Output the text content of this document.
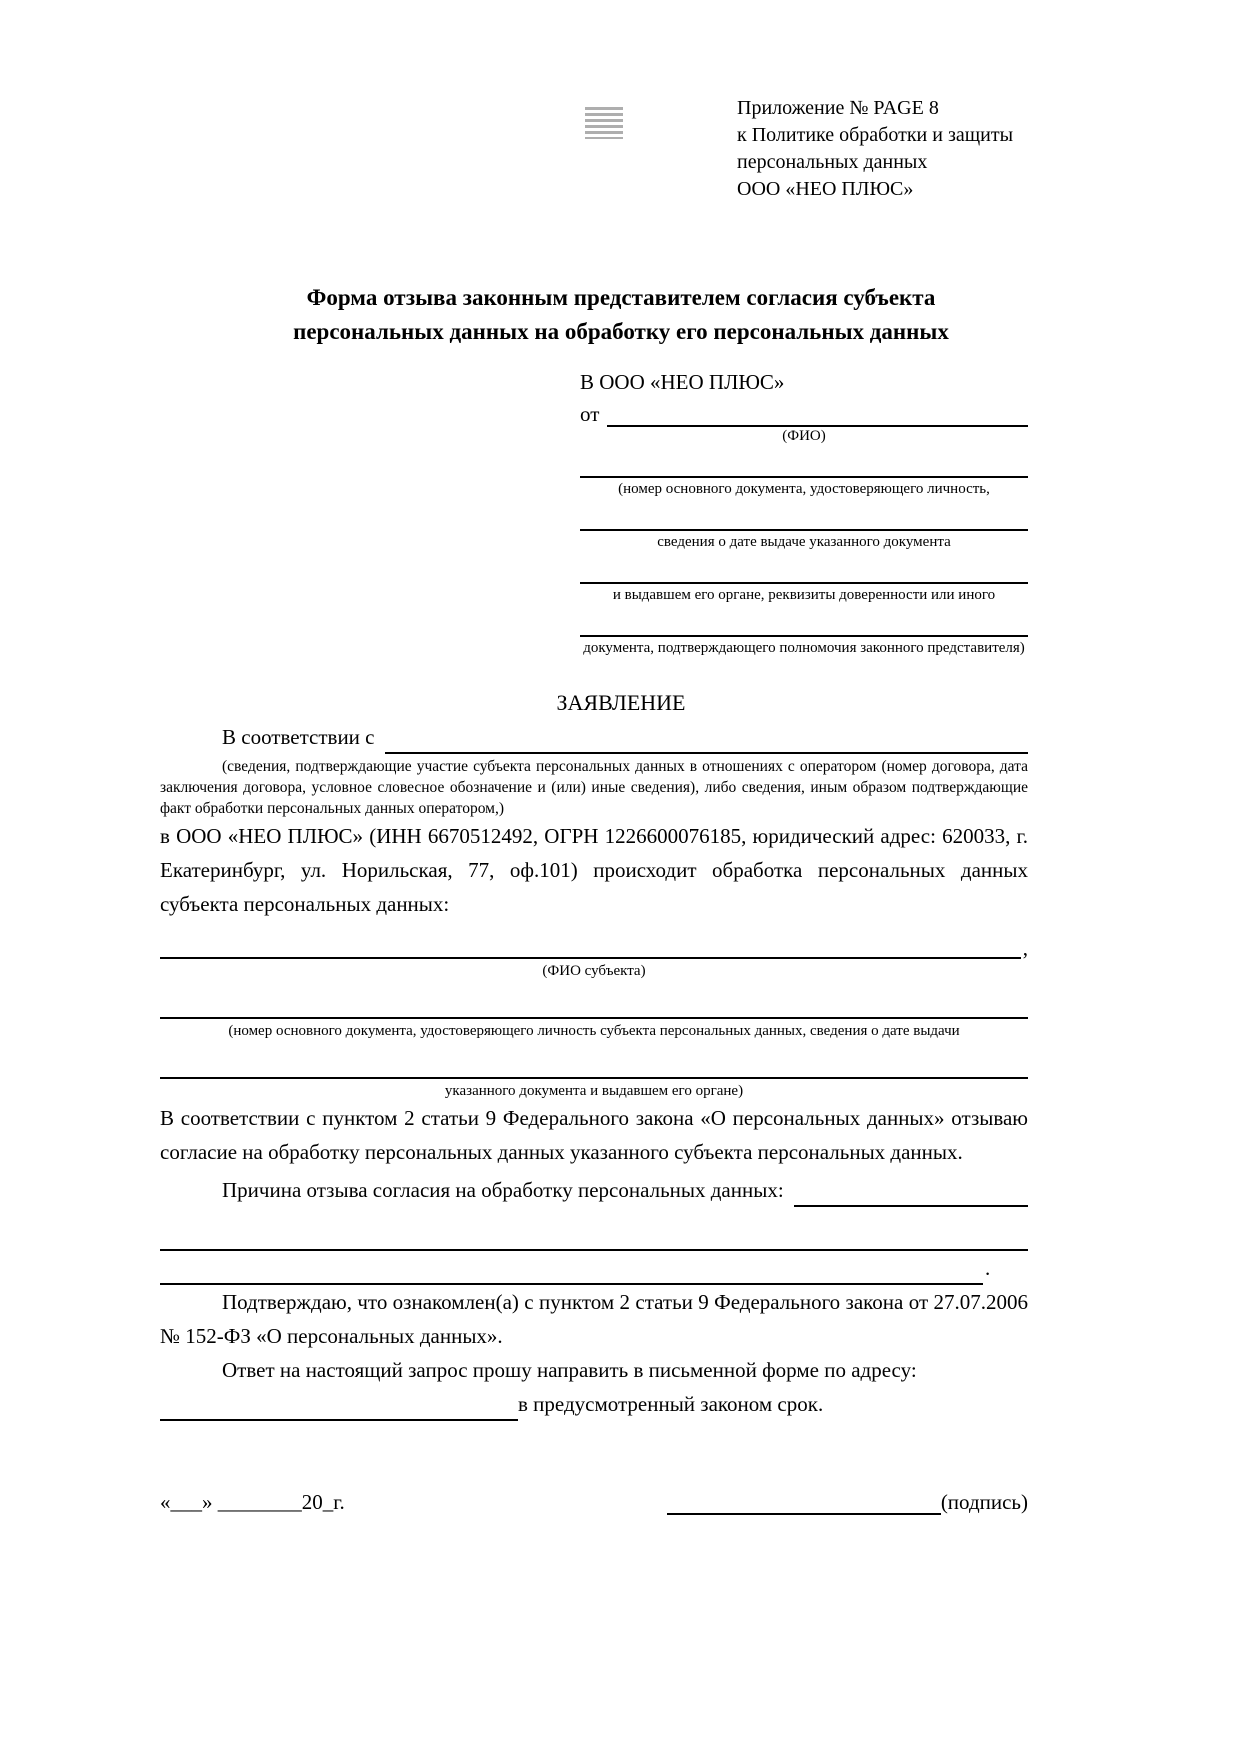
Приложение № PAGE 8
к Политике обработки и защиты
персональных данных
ООО «НЕО ПЛЮС»
Форма отзыва законным представителем согласия субъекта
персональных данных на обработку его персональных данных
В ООО «НЕО ПЛЮС»
от
(ФИО)
(номер основного документа, удостоверяющего личность,
сведения о дате выдаче указанного документа
и выдавшем его органе, реквизиты доверенности или иного
документа, подтверждающего полномочия законного представителя)
ЗАЯВЛЕНИЕ
В соответствии с
(сведения, подтверждающие участие субъекта персональных данных в отношениях с оператором (номер договора, дата заключения договора, условное словесное обозначение и (или) иные сведения), либо сведения, иным образом подтверждающие факт обработки персональных данных оператором,)
в ООО «НЕО ПЛЮС» (ИНН 6670512492, ОГРН 1226600076185, юридический адрес: 620033, г. Екатеринбург, ул. Норильская, 77, оф.101) происходит обработка персональных данных субъекта персональных данных:
,
(ФИО субъекта)
(номер основного документа, удостоверяющего личность субъекта персональных данных, сведения о дате выдачи
указанного документа и выдавшем его органе)
В соответствии с пунктом 2 статьи 9 Федерального закона «О персональных данных» отзываю согласие на обработку персональных данных указанного субъекта персональных данных.
Причина отзыва согласия на обработку персональных данных:
.
Подтверждаю, что ознакомлен(а) с пунктом 2 статьи 9 Федерального закона от 27.07.2006 № 152-ФЗ «О персональных данных».
Ответ на настоящий запрос прошу направить в письменной форме по адресу:
в предусмотренный законом срок.
«___» ________20_г.	(подпись)
